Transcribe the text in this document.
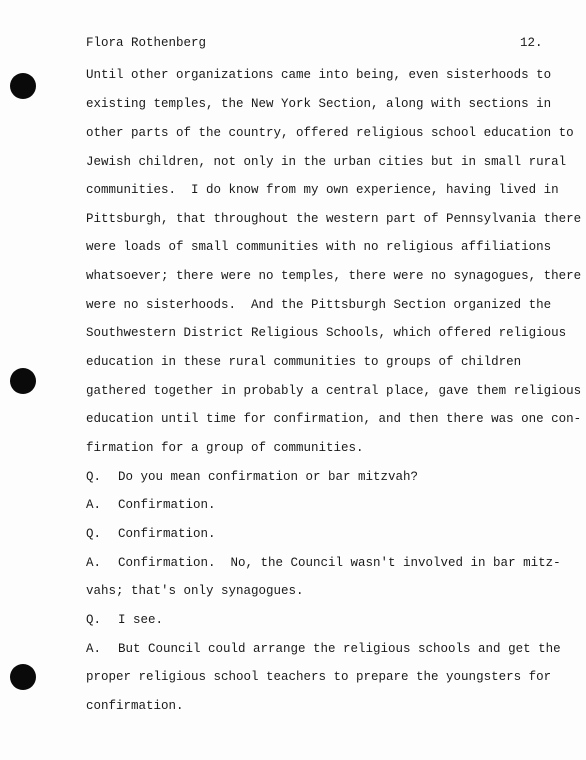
Flora Rothenberg	12.
Until other organizations came into being, even sisterhoods to
existing temples, the New York Section, along with sections in
other parts of the country, offered religious school education to
Jewish children, not only in the urban cities but in small rural
communities.  I do know from my own experience, having lived in
Pittsburgh, that throughout the western part of Pennsylvania there
were loads of small communities with no religious affiliations
whatsoever; there were no temples, there were no synagogues, there
were no sisterhoods.  And the Pittsburgh Section organized the
Southwestern District Religious Schools, which offered religious
education in these rural communities to groups of children
gathered together in probably a central place, gave them religious
education until time for confirmation, and then there was one con-
firmation for a group of communities.
Q. Do you mean confirmation or bar mitzvah?
A. Confirmation.
Q. Confirmation.
A. Confirmation.  No, the Council wasn't involved in bar mitz-
vahs; that's only synagogues.
Q. I see.
A. But Council could arrange the religious schools and get the
proper religious school teachers to prepare the youngsters for
confirmation.
